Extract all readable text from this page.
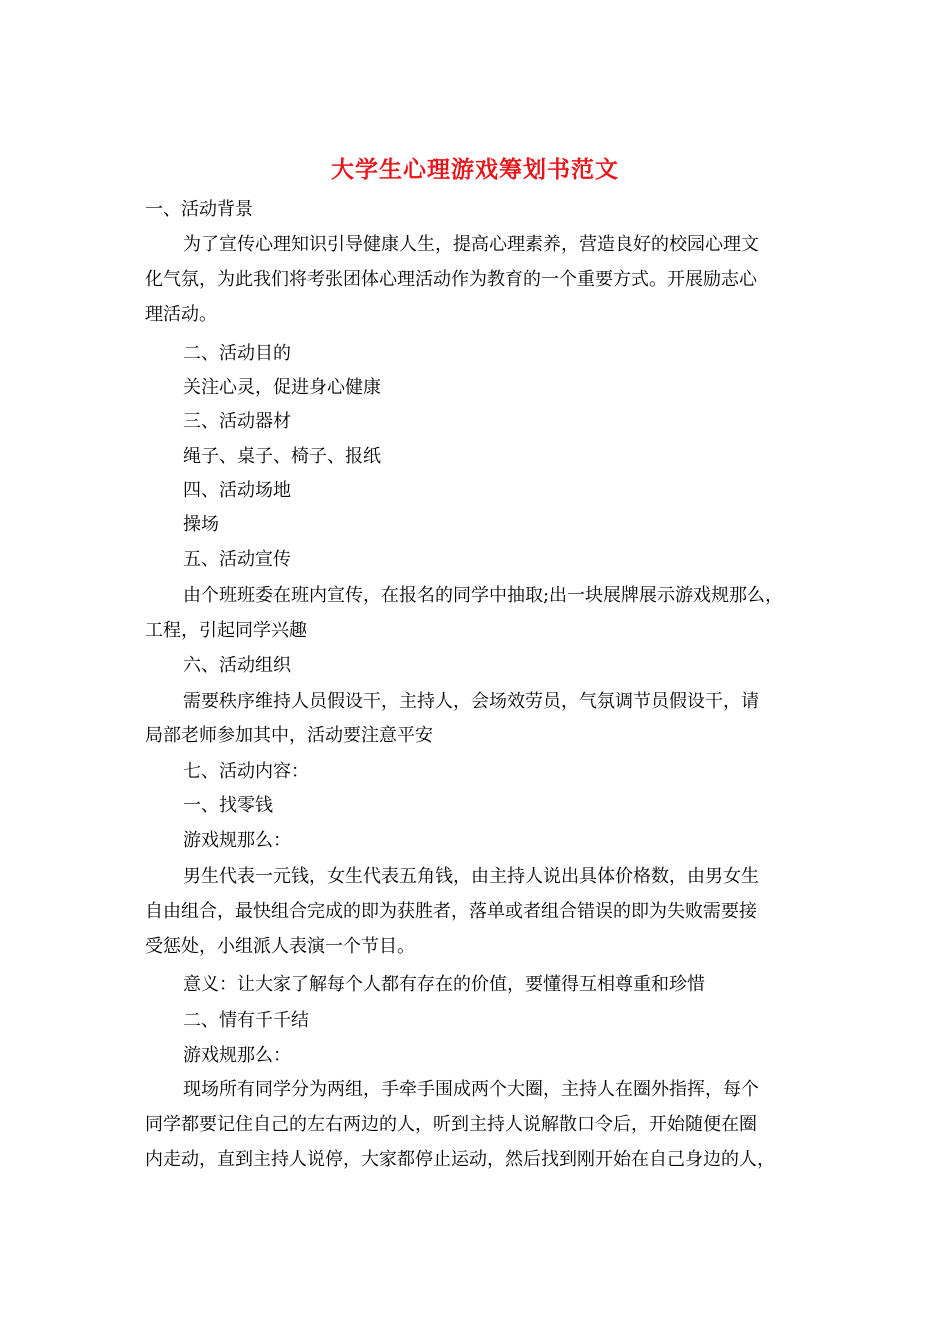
大学生心理游戏筹划书范文
一、活动背景
为了宣传心理知识引导健康人生，提高心理素养，营造良好的校园心理文
化气氛，为此我们将考张团体心理活动作为教育的一个重要方式。开展励志心
理活动。
二、活动目的
关注心灵，促进身心健康
三、活动器材
绳子、桌子、椅子、报纸
四、活动场地
操场
五、活动宣传
由个班班委在班内宣传，在报名的同学中抽取;出一块展牌展示游戏规那么，
工程，引起同学兴趣
六、活动组织
需要秩序维持人员假设干，主持人，会场效劳员，气氛调节员假设干，请
局部老师参加其中，活动要注意平安
七、活动内容：
一、找零钱
游戏规那么：
男生代表一元钱，女生代表五角钱，由主持人说出具体价格数，由男女生
自由组合，最快组合完成的即为获胜者，落单或者组合错误的即为失败需要接
受惩处，小组派人表演一个节目。
意义：让大家了解每个人都有存在的价值，要懂得互相尊重和珍惜
二、情有千千结
游戏规那么：
现场所有同学分为两组，手牵手围成两个大圈，主持人在圈外指挥，每个
同学都要记住自己的左右两边的人，听到主持人说解散口令后，开始随便在圈
内走动，直到主持人说停，大家都停止运动，然后找到刚开始在自己身边的人，
